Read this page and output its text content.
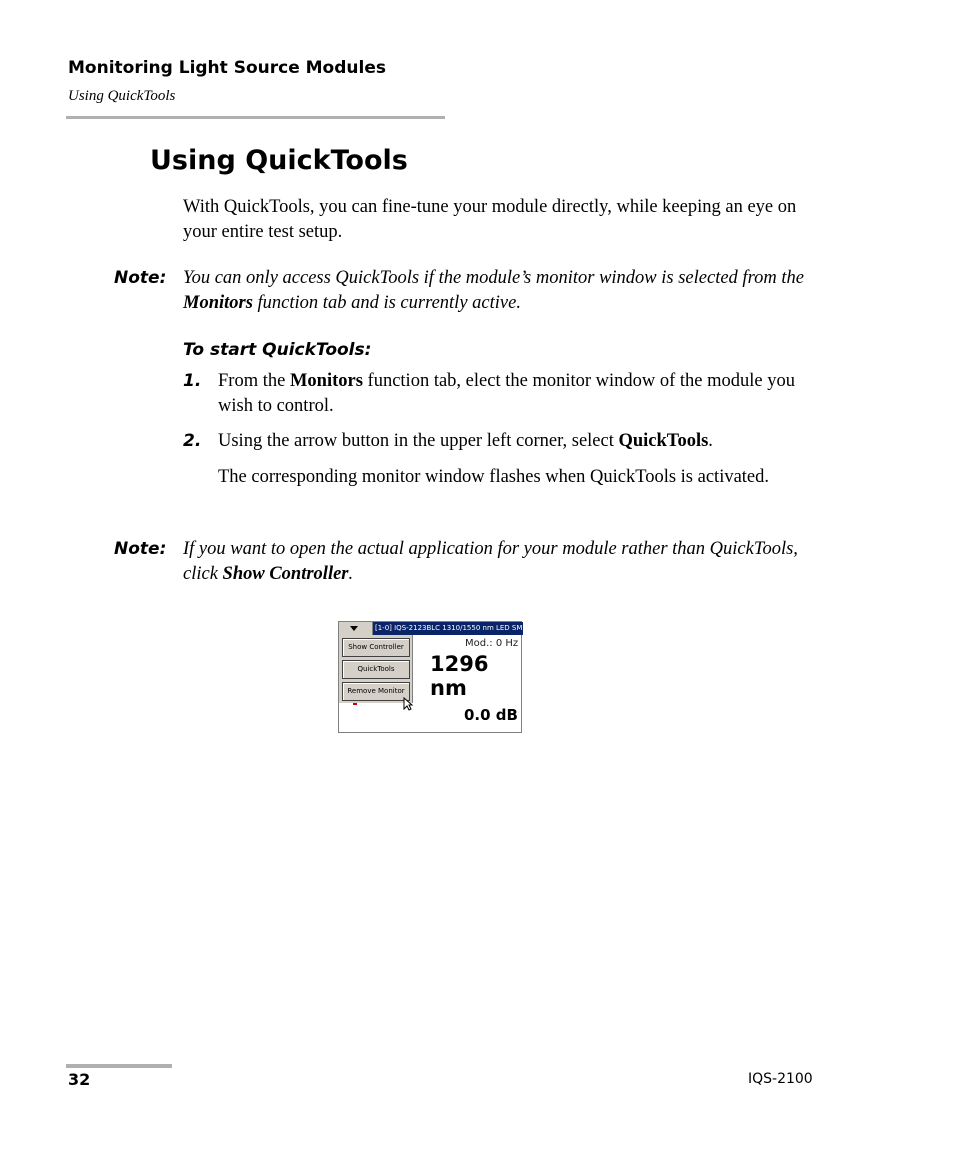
Monitoring Light Source Modules
Using QuickTools
Using QuickTools
With QuickTools, you can fine-tune your module directly, while keeping an eye on your entire test setup.
Note: You can only access QuickTools if the module’s monitor window is selected from the Monitors function tab and is currently active.
To start QuickTools:
1. From the Monitors function tab, elect the monitor window of the module you wish to control.
2. Using the arrow button in the upper left corner, select QuickTools.
The corresponding monitor window flashes when QuickTools is activated.
Note: If you want to open the actual application for your module rather than QuickTools, click Show Controller.
[1-0] IQS-2123BLC 1310/1550 nm LED SM Pola
Show Controller
QuickTools
Remove Monitor
Mod.: 0 Hz
1296 nm
0.0 dB
32	IQS-2100
